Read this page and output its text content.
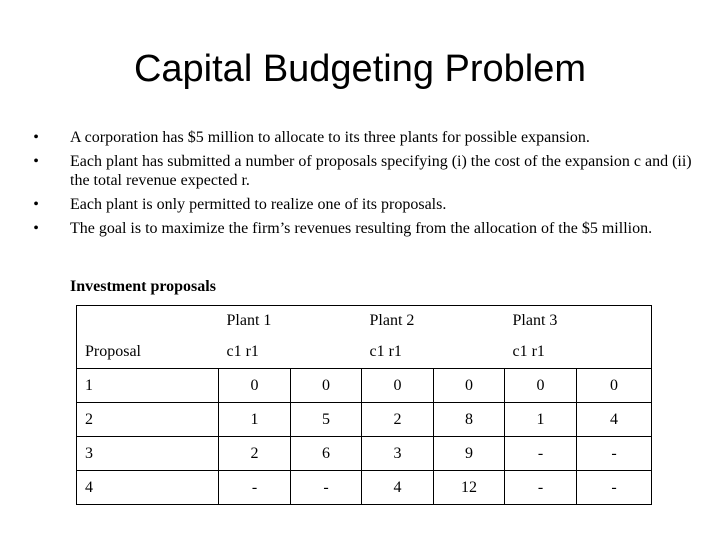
Capital Budgeting Problem
• A corporation has $5 million to allocate to its three plants for possible expansion.
• Each plant has submitted a number of proposals specifying (i) the cost of the expansion c and (ii) the total revenue expected r.
• Each plant is only permitted to realize one of its proposals.
• The goal is to maximize the firm’s revenues resulting from the allocation of the $5 million.
Investment proposals
	Plant 1		Plant 2		Plant 3	
Proposal	c1 r1		c1 r1		c1 r1	
1	0	0	0	0	0	0
2	1	5	2	8	1	4
3	2	6	3	9	-	-
4	-	-	4	12	-	-
